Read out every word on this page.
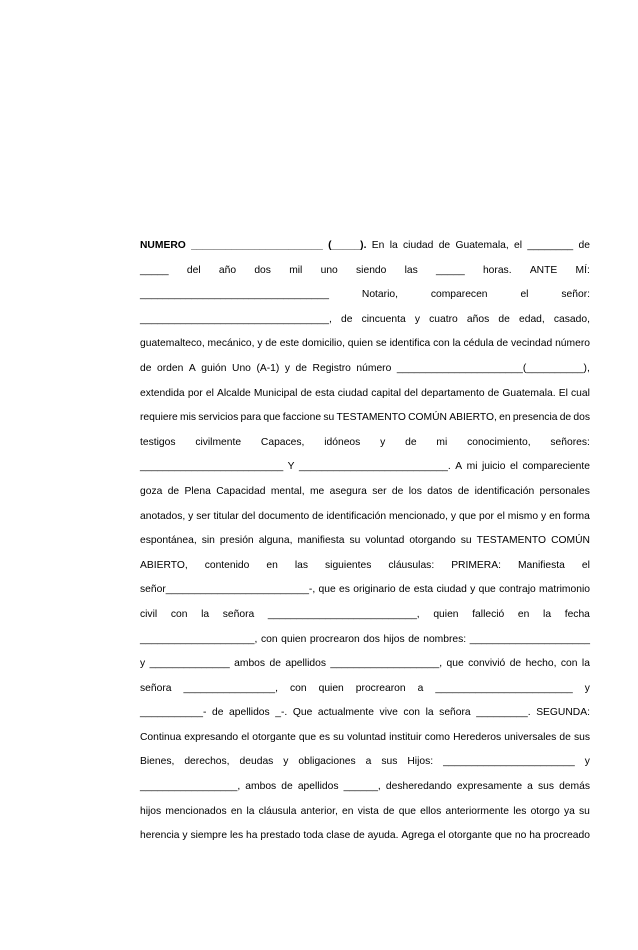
NUMERO _______________________ (_____). En la ciudad de Guatemala, el ________ de
_____ del año dos mil uno siendo las _____ horas. ANTE MÍ:
_________________________________	Notario,	comparecen	el	señor:
_________________________________, de cincuenta y cuatro años de edad, casado,
guatemalteco, mecánico, y de este domicilio, quien se identifica con la cédula de vecindad número
de orden A guión Uno (A-1) y de Registro número ______________________(__________),
extendida por el Alcalde Municipal de esta ciudad capital del departamento de Guatemala. El cual
requiere mis servicios para que faccione su TESTAMENTO COMÚN ABIERTO, en presencia de dos
testigos civilmente Capaces, idóneos y de mi conocimiento, señores:
_________________________ Y __________________________. A mi juicio el compareciente
goza de Plena Capacidad mental, me asegura ser de los datos de identificación personales
anotados, y ser titular del documento de identificación mencionado, y que por el mismo y en forma
espontánea, sin presión alguna, manifiesta su voluntad otorgando su TESTAMENTO COMÚN
ABIERTO, contenido en las siguientes cláusulas: PRIMERA: Manifiesta el
señor_________________________-, que es originario de esta ciudad y que contrajo matrimonio
civil con la señora __________________________, quien falleció en la fecha
____________________, con quien procrearon dos hijos de nombres: _____________________
y ______________ ambos de apellidos ___________________, que convivió de hecho, con la
señora ________________, con quien procrearon a ________________________ y
___________- de apellidos _-. Que actualmente vive con la señora _________. SEGUNDA:
Continua expresando el otorgante que es su voluntad instituir como Herederos universales de sus
Bienes, derechos, deudas y obligaciones a sus Hijos: _______________________ y
_________________, ambos de apellidos ______, desheredando expresamente a sus demás
hijos mencionados en la cláusula anterior, en vista de que ellos anteriormente les otorgo ya su
herencia y siempre les ha prestado toda clase de ayuda. Agrega el otorgante que no ha procreado
